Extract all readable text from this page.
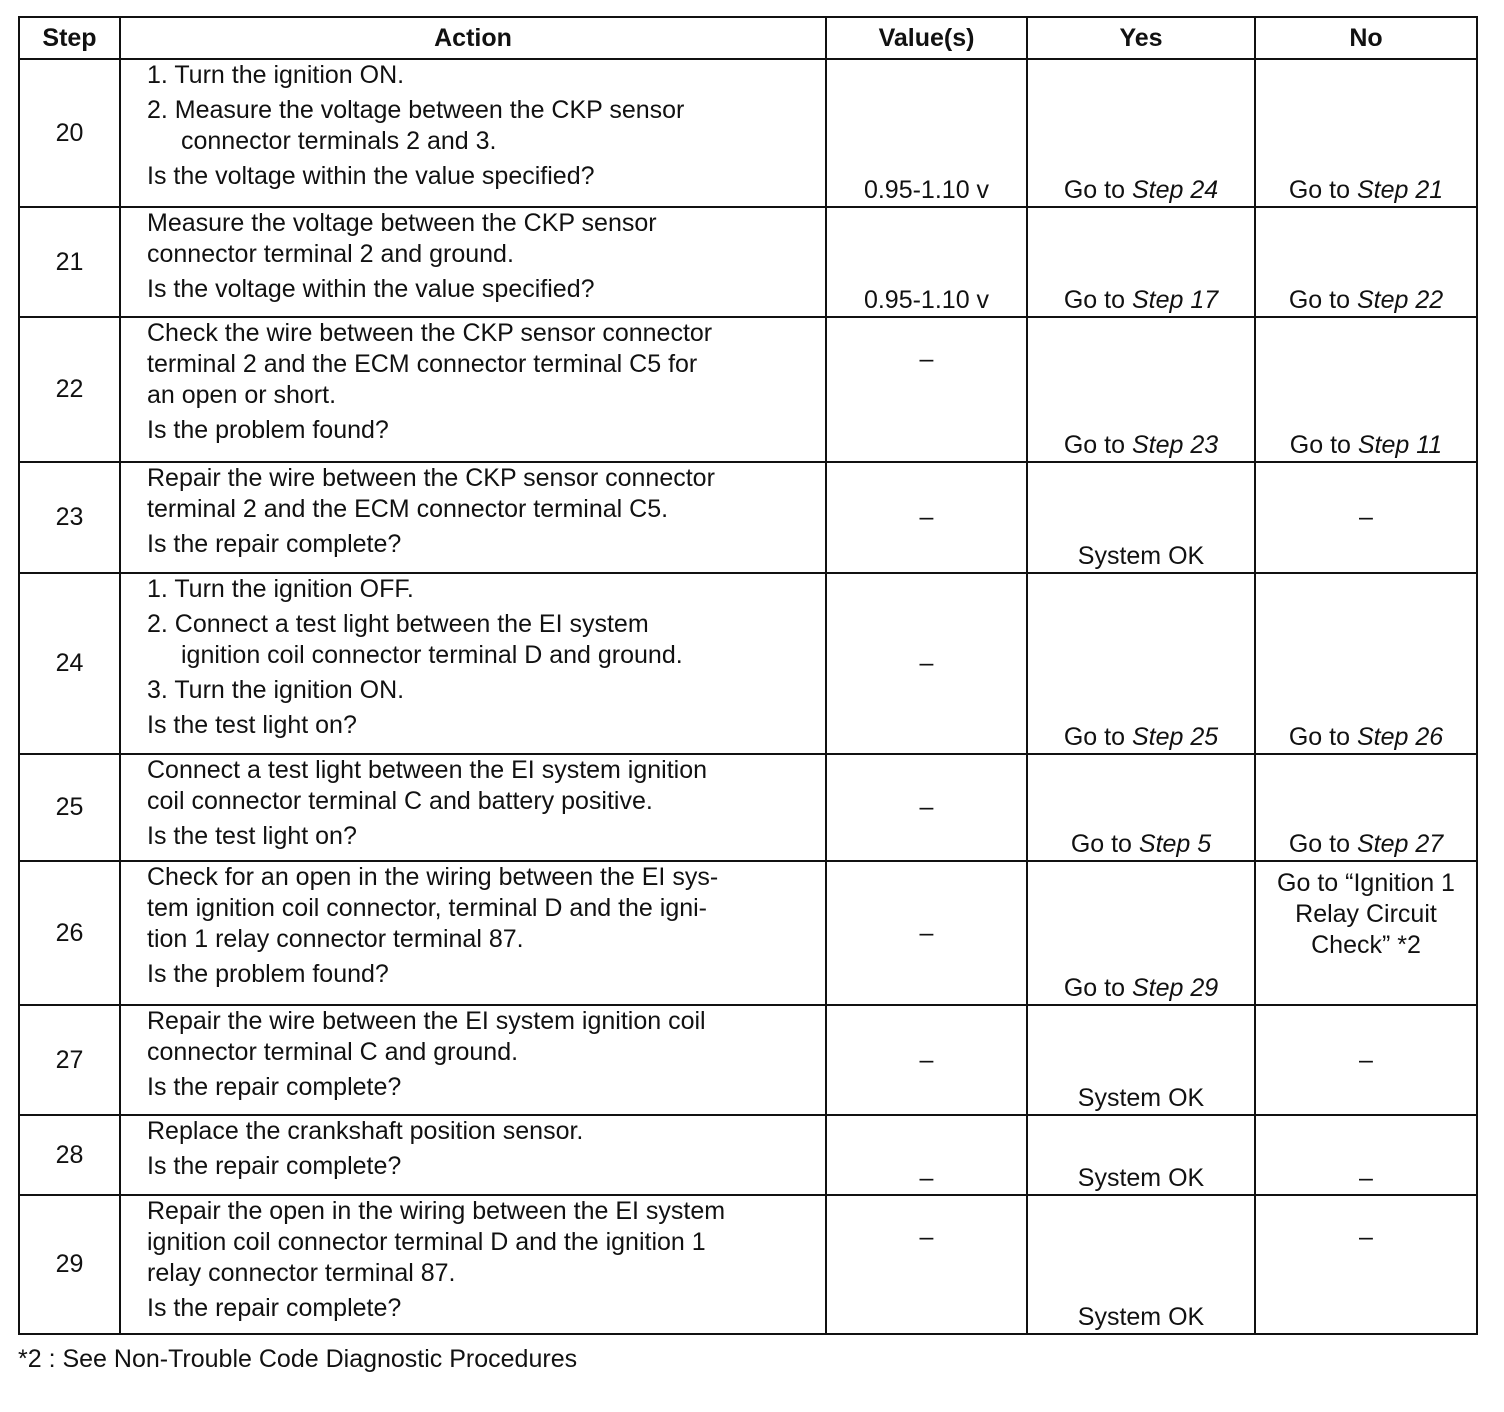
Step	Action	Value(s)	Yes	No
20	1. Turn the ignition ON.
2. Measure the voltage between the CKP sensor
connector terminals 2 and 3.
Is the voltage within the value specified?	0.95-1.10 v	Go to Step 24	Go to Step 21
21	Measure the voltage between the CKP sensor
connector terminal 2 and ground.
Is the voltage within the value specified?	0.95-1.10 v	Go to Step 17	Go to Step 22
22	Check the wire between the CKP sensor connector
terminal 2 and the ECM connector terminal C5 for
an open or short.
Is the problem found?	–	Go to Step 23	Go to Step 11
23	Repair the wire between the CKP sensor connector
terminal 2 and the ECM connector terminal C5.
Is the repair complete?	–	System OK	–
24	1. Turn the ignition OFF.
2. Connect a test light between the EI system
ignition coil connector terminal D and ground.
3. Turn the ignition ON.
Is the test light on?	–	Go to Step 25	Go to Step 26
25	Connect a test light between the EI system ignition
coil connector terminal C and battery positive.
Is the test light on?	–	Go to Step 5	Go to Step 27
26	Check for an open in the wiring between the EI sys-
tem ignition coil connector, terminal D and the igni-
tion 1 relay connector terminal 87.
Is the problem found?	–	Go to Step 29	Go to “Ignition 1 Relay Circuit Check” *2
27	Repair the wire between the EI system ignition coil
connector terminal C and ground.
Is the repair complete?	–	System OK	–
28	Replace the crankshaft position sensor.
Is the repair complete?	–	System OK	–
29	Repair the open in the wiring between the EI system
ignition coil connector terminal D and the ignition 1
relay connector terminal 87.
Is the repair complete?	–	System OK	–
*2 : See Non-Trouble Code Diagnostic Procedures
